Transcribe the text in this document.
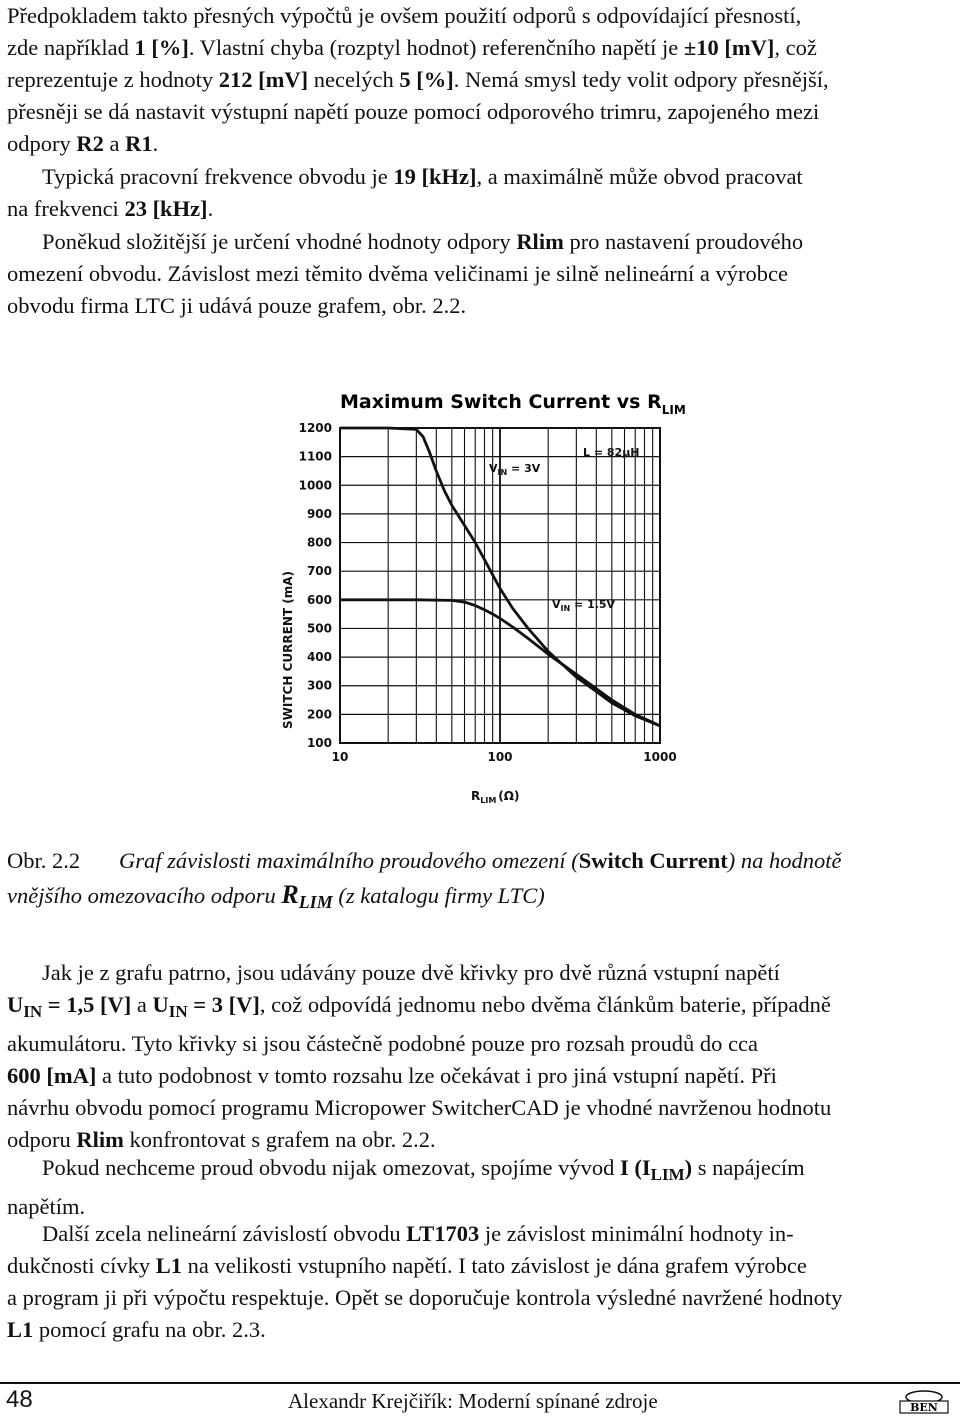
Předpokladem takto přesných výpočtů je ovšem použití odporů s odpovídající přesností,
zde například 1 [%]. Vlastní chyba (rozptyl hodnot) referenčního napětí je ±10 [mV], což
reprezentuje z hodnoty 212 [mV] necelých 5 [%]. Nemá smysl tedy volit odpory přesnější,
přesněji se dá nastavit výstupní napětí pouze pomocí odporového trimru, zapojeného mezi
odpory R2 a R1.
Typická pracovní frekvence obvodu je 19 [kHz], a maximálně může obvod pracovat
na frekvenci 23 [kHz].
Poněkud složitější je určení vhodné hodnoty odpory Rlim pro nastavení proudového
omezení obvodu. Závislost mezi těmito dvěma veličinami je silně nelineární a výrobce
obvodu firma LTC ji udává pouze grafem, obr. 2.2.
Maximum Switch Current vs $R_{LIM}$
1200
1100
1000
900
800
700
600
500
400
300
200
100
10	100	1000
SWITCH CURRENT (mA)
$R_{LIM}$ (Ω)
$V_{IN} = 3V$
L = 82µH
$V_{IN} = 1.5V$
Obr. 2.2 Graf závislosti maximálního proudového omezení (Switch Current) na hodnotě
vnějšího omezovacího odporu $R_{LIM}$ (z katalogu firmy LTC)
Jak je z grafu patrno, jsou udávány pouze dvě křivky pro dvě různá vstupní napětí
$U_{IN} = 1,5$ [V] a $U_{IN} = 3$ [V], což odpovídá jednomu nebo dvěma článkům baterie, případně
akumulátoru. Tyto křivky si jsou částečně podobné pouze pro rozsah proudů do cca
600 [mA] a tuto podobnost v tomto rozsahu lze očekávat i pro jiná vstupní napětí. Při
návrhu obvodu pomocí programu Micropower SwitcherCAD je vhodné navrženou hodnotu
odporu Rlim konfrontovat s grafem na obr. 2.2.
Pokud nechceme proud obvodu nijak omezovat, spojíme vývod I $(I_{LIM})$ s napájecím
napětím.
Další zcela nelineární závislostí obvodu LT1703 je závislost minimální hodnoty in-
dukčnosti cívky L1 na velikosti vstupního napětí. I tato závislost je dána grafem výrobce
a program ji při výpočtu respektuje. Opět se doporučuje kontrola výsledné navržené hodnoty
L1 pomocí grafu na obr. 2.3.
48	Alexandr Krejčiřík: Moderní spínané zdroje	BEN
